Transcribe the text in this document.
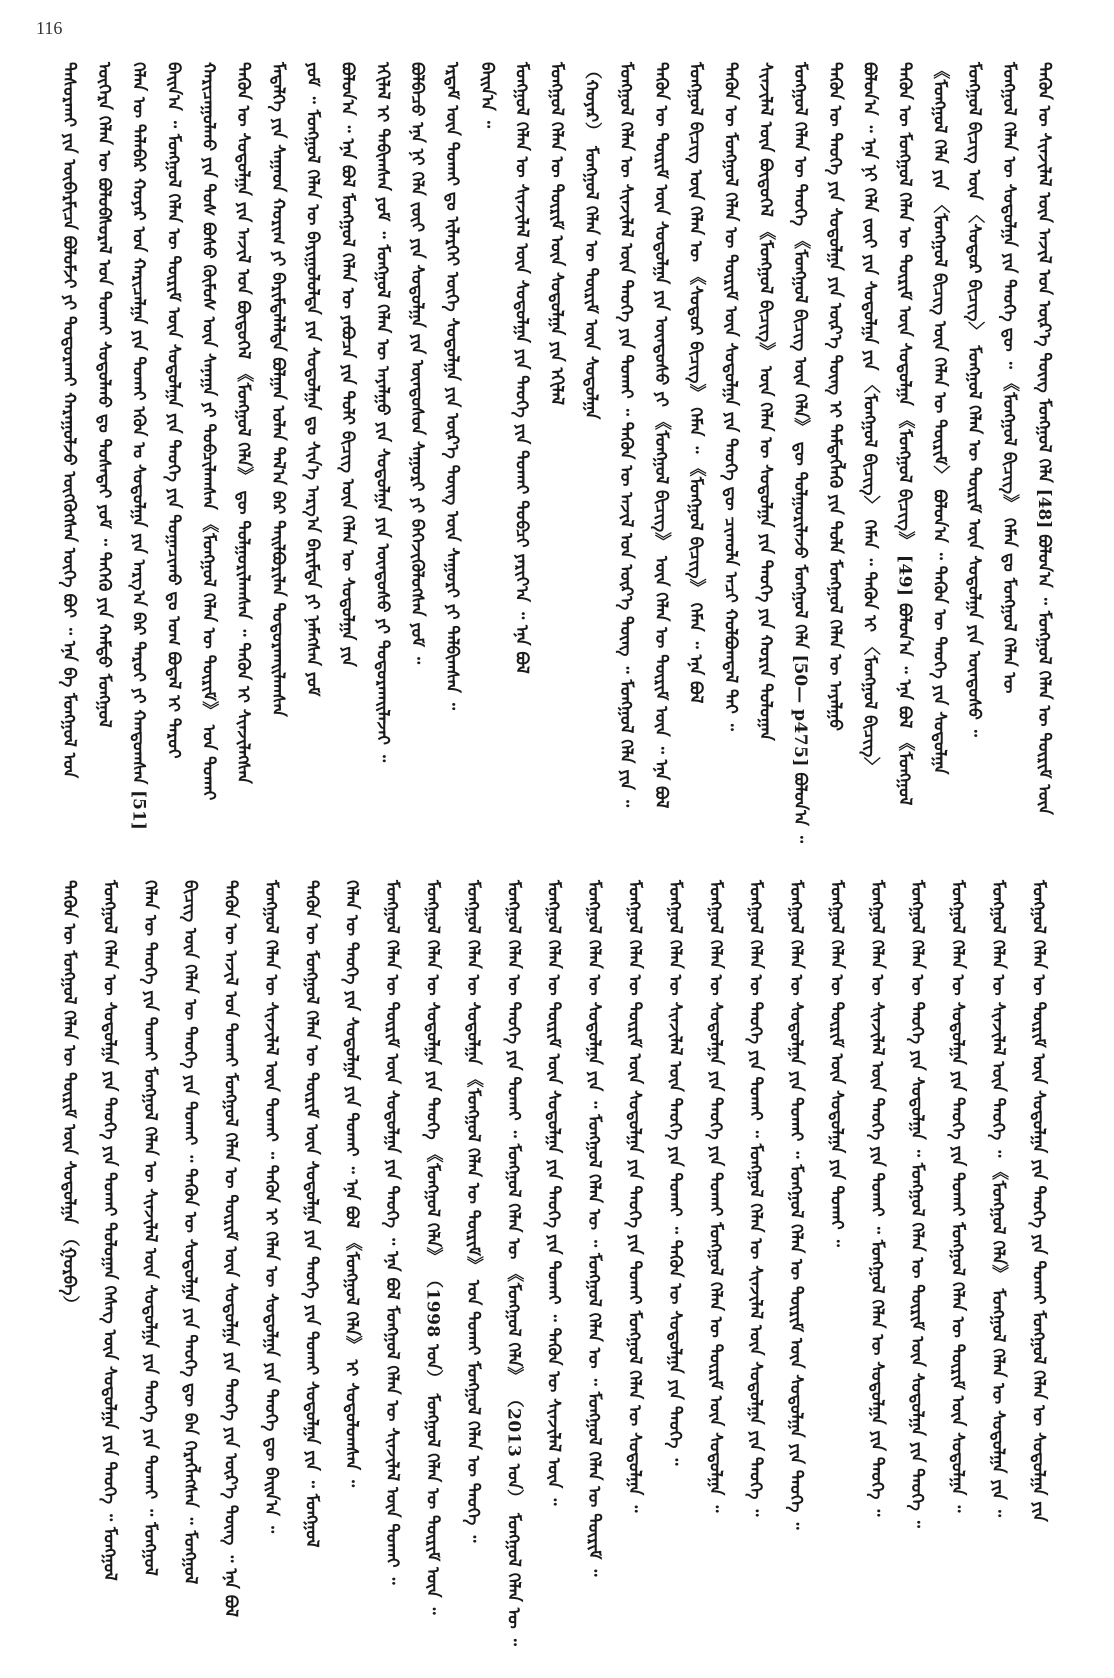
116
ᠲᠠᠰᠤᠷᠬᠠᠢ ᠶᠢᠨ ᠥᠪᠡᠷᠮᠢᠴᠡ ᠪᠣᠯᠤᠮᠵᠢ ᠶᠢ ᠲᠣᠳᠤᠷᠬᠠᠢ ᠬᠠᠷᠠᠭᠤᠯᠵᠤ ᠥᠭᠭᠦᠭᠰᠡᠨ ᠦᠭᠡ ᠪᠤᠢ ᠃ ᠡᠨᠡ ᠪᠡ ᠮᠣᠩᠭᠣᠯ ᠤᠨ ᠦᠭᠡᠷᠡ ᠬᠡᠯᠡᠨ ᠦ ᠪᠣᠯᠣᠪᠰᠤᠷᠠᠯ ᠤᠨ ᠲᠤᠬᠠᠢ ᠰᠤᠳᠤᠯᠬᠤ ᠳᠤ ᠲᠣᠰᠠᠲᠠᠢ ᠶᠤᠮ ᠃ ᠲᠡᠭᠡᠬᠦ ᠶᠢᠨ ᠬᠠᠮᠲᠤ ᠮᠣᠩᠭᠣᠯ ᠬᠡᠯᠡᠨ ᠦ ᠲᠠᠯᠠᠪᠠᠷ ᠬᠣᠶᠠᠷ ᠤᠨ ᠬᠠᠷᠢᠴᠠᠯᠭᠠ ᠶᠢᠨ ᠲᠤᠬᠠᠢ ᠡᠭᠦᠨ ᠤ ᠰᠤᠳᠤᠯᠭᠠ ᠶᠢᠨ ᠠᠷᠭ᠎ᠠ ᠪᠠᠷ ᠳᠠᠷᠤᠢ ᠶᠢ ᠬᠠᠨᠳᠤᠭᠰᠠᠨ [51] ᠪᠠᠢᠨ᠎ᠠ ᠃ ᠮᠣᠩᠭᠣᠯ ᠬᠡᠯᠡᠨ ᠦ ᠳᠦᠷᠢᠮ ᠦᠨ ᠰᠤᠳᠤᠯᠭᠠ ᠶᠢᠨ ᠲᠡᠦᠬᠡ ᠶᠢᠨ ᠲᠣᠭᠠᠴᠢᠬᠤ ᠳᠤ ᠤᠭ ᠪᠣᠳᠠᠯ ᠢ ᠳᠠᠷᠤᠢ ᠬᠠᠷᠢᠴᠠᠭᠤᠯᠬᠤ ᠶᠢᠨ ᠲᠤᠰ ᠪᠤᠰᠤ ᠬᠦᠮᠦᠰ ᠦᠨ ᠰᠠᠨᠠᠭᠠ ᠶᠢ ᠲᠣᠪᠴᠢᠯᠠᠭᠰᠠᠨ 《ᠮᠣᠩᠭᠣᠯ ᠬᠡᠯᠡᠨ ᠦ ᠳᠦᠷᠢᠮ》 ᠤᠨ ᠲᠤᠬᠠᠢ ᠲᠡᠭᠦᠨ ᠦ ᠰᠤᠳᠤᠯᠭᠠ ᠶᠢᠨ ᠠᠵᠢᠯ ᠤᠨ ᠪᠦᠲᠦᠭᠡᠯ 《ᠮᠣᠩᠭᠣᠯ ᠬᠡᠯᠡ》 ᠳᠦ ᠲᠤᠯᠭᠤᠷᠢᠯᠠᠭᠰᠠᠨ ᠃ ᠲᠡᠭᠦᠨ ᠢ ᠰᠢᠨᠵᠢᠯᠡᠭᠰᠡᠨ ᠮᠡᠳᠡᠯᠭᠡ ᠶᠢᠨ ᠰᠠᠭᠠᠳ ᠬᠣᠷᠢᠭ ᠶᠢ ᠪᠠᠷᠢᠮᠲᠠᠯᠠᠯᠲᠠ ᠪᠤᠯᠭᠠᠨ ᠣᠯᠠᠨ ᠲᠠᠯ᠎ᠠ ᠪᠠᠷ ᠲᠠᠢᠯᠪᠤᠷᠢᠯᠠᠨ ᠲᠣᠳᠤᠷᠬᠠᠢᠯᠠᠭᠰᠠᠨ ᠶᠤᠮ ᠃ ᠮᠣᠩᠭᠣᠯ ᠬᠡᠯᠡᠨ ᠦ ᠪᠠᠶᠢᠭᠤᠯᠤᠯᠲᠠ ᠶᠢᠨ ᠰᠤᠳᠤᠯᠭᠠ ᠳᠤ ᠰᠢᠨ᠎ᠡ ᠠᠷᠭ᠎ᠠ ᠪᠠᠷᠢᠮᠲᠠ ᠶᠢ ᠨᠡᠮᠡᠭᠰᠡᠨ ᠶᠤᠮ ᠪᠣᠯᠤᠨ᠎ᠠ ᠃ ᠡᠨᠡ ᠪᠤᠯ ᠮᠣᠩᠭᠣᠯ ᠬᠡᠯᠡᠨ ᠦ ᠶᠠᠪᠤᠴᠠ ᠶᠢᠨ ᠲᠣᠯᠢ ᠪᠢᠴᠢᠭ ᠦᠨ ᠬᠡᠯᠡᠨ ᠦ ᠰᠤᠳᠤᠯᠭᠠ ᠶᠢᠨ ᠡᠬᠢᠯᠡᠯ ᠢ ᠲᠠᠪᠢᠭᠰᠠᠨ ᠶᠤᠮ ᠃ ᠮᠣᠩᠭᠣᠯ ᠬᠡᠯᠡᠨ ᠦ ᠠᠶᠠᠯᠭᠤ ᠶᠢᠨ ᠰᠤᠳᠤᠯᠭᠠ ᠶᠢᠨ ᠦᠨᠳᠦᠰᠦ ᠶᠢ ᠲᠣᠳᠤᠷᠬᠠᠢᠯᠠᠵᠠᠢ ᠃ ᠪᠣᠯᠪᠠᠴᠤ ᠡᠨᠡ ᠨᠢ ᠬᠡᠯᠡ ᠵᠦᠢ ᠶᠢᠨ ᠰᠤᠳᠤᠯᠭᠠ ᠶᠢᠨ ᠦᠨᠳᠦᠰᠦᠨ ᠰᠠᠭᠤᠷᠢ ᠶᠢ ᠪᠡᠬᠡᠵᠢᠭᠦᠯᠦᠭᠰᠡᠨ ᠶᠤᠮ ᠃ ᠡᠷᠳᠡᠮ ᠦᠨ ᠲᠤᠬᠠᠢ ᠳᠤ ᠢᠯᠡᠷᠬᠡᠢ ᠦᠭᠡ ᠰᠤᠳᠤᠯᠭᠠ ᠶᠢᠨ ᠦᠷ᠎ᠡ ᠳᠦᠩ ᠦᠨ ᠰᠠᠭᠤᠷᠢ ᠶᠢ ᠲᠠᠯᠪᠢᠭᠰᠠᠨ ᠃ ᠪᠠᠢᠨ᠎ᠠ ᠃ ᠮᠣᠩᠭᠣᠯ ᠬᠡᠯᠡᠨ ᠦ ᠰᠢᠨᠵᠢᠯᠡᠯ ᠦᠨ ᠰᠤᠳᠤᠯᠭᠠ ᠶᠢᠨ ᠲᠡᠦᠬᠡ ᠶᠢᠨ ᠲᠤᠬᠠᠢ ᠲᠣᠪᠴᠢ ᠶᠠᠷᠢᠶ᠎ᠠ ᠃ ᠡᠨᠡ ᠪᠤᠯ ᠮᠣᠩᠭᠣᠯ ᠬᠡᠯᠡᠨ ᠦ ᠳᠦᠷᠢᠮ ᠦᠨ ᠰᠤᠳᠤᠯᠭᠠ ᠶᠢᠨ ᠡᠬᠢᠯᠡᠯ （ᠬᠣᠶᠠᠷ） ᠮᠣᠩᠭᠣᠯ ᠬᠡᠯᠡᠨ ᠦ ᠳᠦᠷᠢᠮ ᠦᠨ ᠰᠤᠳᠤᠯᠭᠠ ᠮᠣᠩᠭᠣᠯ ᠬᠡᠯᠡᠨ ᠦ ᠰᠢᠨᠵᠢᠯᠡᠯ ᠦᠨ ᠲᠡᠦᠬᠡ ᠶᠢᠨ ᠲᠤᠬᠠᠢ ᠃ ᠲᠡᠭᠦᠨ ᠦ ᠠᠵᠢᠯ ᠤᠨ ᠦᠷ᠎ᠡ ᠳᠦᠩ ᠃ ᠮᠣᠩᠭᠣᠯ ᠬᠡᠯᠡ ᠶᠢᠨ ᠃ ᠲᠡᠭᠦᠨ ᠦ ᠳᠦᠷᠢᠮ ᠦᠨ ᠰᠤᠳᠤᠯᠭᠠ ᠶᠢᠨ ᠦᠨᠳᠦᠰᠦ ᠶᠢ 《ᠮᠣᠩᠭᠣᠯ ᠪᠢᠴᠢᠭ》 ᠦᠨ ᠬᠡᠯᠡᠨ ᠦ ᠳᠦᠷᠢᠮ ᠦᠨ ᠃ ᠡᠨᠡ ᠪᠤᠯ ᠮᠣᠩᠭᠣᠯ ᠪᠢᠴᠢᠭ ᠦᠨ ᠬᠡᠯᠡᠨ ᠦ 《ᠰᠤᠳᠤᠷ ᠪᠢᠴᠢᠭ》 ᠬᠡᠮᠡᠨ ᠃ 《ᠮᠣᠩᠭᠣᠯ ᠪᠢᠴᠢᠭ》 ᠬᠡᠮᠡᠨ ᠃ ᠡᠨᠡ ᠪᠤᠯ ᠲᠡᠭᠦᠨ ᠦ ᠮᠣᠩᠭᠣᠯ ᠬᠡᠯᠡᠨ ᠦ ᠳᠦᠷᠢᠮ ᠦᠨ ᠰᠤᠳᠤᠯᠭᠠ ᠶᠢᠨ ᠲᠡᠦᠬᠡ ᠳᠦ ᠴᠢᠬᠤᠯᠠ ᠠᠴᠢ ᠬᠤᠯᠪᠣᠭᠳᠠᠯ ᠲᠠᠢ ᠃ ᠰᠢᠨᠵᠢᠯᠡᠯ ᠦᠨ ᠪᠦᠲᠦᠭᠡᠯ 《ᠮᠣᠩᠭᠣᠯ ᠪᠢᠴᠢᠭ》 ᠦᠨ ᠬᠡᠯᠡᠨ ᠦ ᠰᠤᠳᠤᠯᠭᠠ ᠶᠢᠨ ᠲᠡᠦᠬᠡ ᠶᠢᠨ ᠬᠣᠷᠢᠨ ᠳᠣᠯᠤᠭᠠᠨ ᠮᠣᠩᠭᠣᠯ ᠬᠡᠯᠡᠨ ᠦ ᠲᠡᠦᠬᠡ 《ᠮᠣᠩᠭᠣᠯ ᠪᠢᠴᠢᠭ ᠦᠨ ᠬᠡᠯᠡ》 ᠳᠦ ᠲᠤᠯᠭᠤᠷᠢᠯᠠᠵᠤ ᠮᠣᠩᠭᠣᠯ ᠬᠡᠯᠡ [50— p475] ᠪᠣᠯᠤᠨ᠎ᠠ ᠃ ᠲᠡᠭᠦᠨ ᠦ ᠲᠡᠦᠬᠡ ᠶᠢᠨ ᠰᠤᠳᠤᠯᠭᠠ ᠶᠢᠨ ᠦᠷ᠎ᠡ ᠳᠦᠩ ᠢ ᠲᠡᠮᠳᠡᠭᠯᠡᠬᠦ ᠶᠢᠨ ᠲᠤᠯᠠ ᠮᠣᠩᠭᠣᠯ ᠬᠡᠯᠡᠨ ᠦ ᠠᠶᠠᠯᠭᠤ ᠪᠣᠯᠤᠨ᠎ᠠ ᠃ ᠡᠨᠡ ᠨᠢ ᠬᠡᠯᠡ ᠵᠦᠢ ᠶᠢᠨ ᠰᠤᠳᠤᠯᠭᠠ ᠶᠢᠨ 〈ᠮᠣᠩᠭᠣᠯ ᠪᠢᠴᠢᠭ〉 ᠬᠡᠮᠡᠨ ᠃ ᠲᠡᠭᠦᠨ ᠢ 〈ᠮᠣᠩᠭᠣᠯ ᠪᠢᠴᠢᠭ〉 ᠲᠡᠭᠦᠨ ᠦ ᠮᠣᠩᠭᠣᠯ ᠬᠡᠯᠡᠨ ᠦ ᠳᠦᠷᠢᠮ ᠦᠨ ᠰᠤᠳᠤᠯᠭᠠ 《ᠮᠣᠩᠭᠣᠯ ᠪᠢᠴᠢᠭ》 [49] ᠪᠣᠯᠤᠨ᠎ᠠ ᠃ ᠡᠨᠡ ᠪᠤᠯ 《ᠮᠣᠩᠭᠣᠯ 《ᠮᠣᠩᠭᠣᠯ ᠬᠡᠯᠡ ᠶᠢᠨ 〈ᠮᠣᠩᠭᠣᠯ ᠪᠢᠴᠢᠭ ᠦᠨ ᠬᠡᠯᠡᠨ ᠦ ᠳᠦᠷᠢᠮ〉 ᠪᠣᠯᠤᠨ᠎ᠠ ᠃ ᠲᠡᠭᠦᠨ ᠦ ᠲᠡᠦᠬᠡ ᠶᠢᠨ ᠰᠤᠳᠤᠯᠭᠠ ᠮᠣᠩᠭᠣᠯ ᠪᠢᠴᠢᠭ ᠦᠨ 〈ᠰᠤᠳᠤᠷ ᠪᠢᠴᠢᠭ〉 ᠮᠣᠩᠭᠣᠯ ᠬᠡᠯᠡᠨ ᠦ ᠳᠦᠷᠢᠮ ᠦᠨ ᠰᠤᠳᠤᠯᠭᠠ ᠶᠢᠨ ᠦᠨᠳᠦᠰᠦ ᠃ ᠮᠣᠩᠭᠣᠯ ᠬᠡᠯᠡᠨ ᠦ ᠰᠤᠳᠤᠯᠭᠠ ᠶᠢᠨ ᠲᠡᠦᠬᠡ ᠳᠦ ᠃ 《ᠮᠣᠩᠭᠣᠯ ᠪᠢᠴᠢᠭ》 ᠬᠡᠮᠡᠨ ᠳᠤ ᠮᠣᠩᠭᠣᠯ ᠬᠡᠯᠡᠨ ᠦ ᠲᠡᠭᠦᠨ ᠦ ᠰᠢᠨᠵᠢᠯᠡᠯ ᠦᠨ ᠠᠵᠢᠯ ᠤᠨ ᠦᠷ᠎ᠡ ᠳᠦᠩ ᠮᠣᠩᠭᠣᠯ ᠬᠡᠯᠡ [48] ᠪᠣᠯᠤᠨ᠎ᠠ ᠃ ᠮᠣᠩᠭᠣᠯ ᠬᠡᠯᠡᠨ ᠦ ᠳᠦᠷᠢᠮ ᠦᠨ
ᠲᠡᠭᠦᠨ ᠦ ᠮᠣᠩᠭᠣᠯ ᠬᠡᠯᠡᠨ ᠦ ᠳᠦᠷᠢᠮ ᠦᠨ ᠰᠤᠳᠤᠯᠭᠠ （ᠭᠤᠷᠪᠠ） ᠮᠣᠩᠭᠣᠯ ᠬᠡᠯᠡᠨ ᠦ ᠰᠤᠳᠤᠯᠭᠠ ᠶᠢᠨ ᠲᠡᠦᠬᠡ ᠶᠢᠨ ᠲᠤᠬᠠᠢ ᠳᠣᠯᠤᠭᠠᠨ ᠬᠡᠰᠡᠭ ᠦᠨ ᠰᠤᠳᠤᠯᠭᠠ ᠶᠢᠨ ᠲᠡᠦᠬᠡ ᠃ ᠮᠣᠩᠭᠣᠯ ᠬᠡᠯᠡᠨ ᠦ ᠲᠡᠦᠬᠡ ᠶᠢᠨ ᠲᠤᠬᠠᠢ ᠮᠣᠩᠭᠣᠯ ᠬᠡᠯᠡᠨ ᠦ ᠰᠢᠨᠵᠢᠯᠡᠯ ᠦᠨ ᠰᠤᠳᠤᠯᠭᠠ ᠶᠢᠨ ᠲᠡᠦᠬᠡ ᠶᠢᠨ ᠲᠤᠬᠠᠢ ᠃ ᠮᠣᠩᠭᠣᠯ ᠪᠢᠴᠢᠭ ᠦᠨ ᠬᠡᠯᠡᠨ ᠦ ᠲᠡᠦᠬᠡ ᠶᠢᠨ ᠲᠤᠬᠠᠢ ᠃ ᠲᠡᠭᠦᠨ ᠦ ᠰᠤᠳᠤᠯᠭᠠ ᠶᠢᠨ ᠲᠡᠦᠬᠡ ᠳᠦ ᠪᠡᠨ ᠬᠡᠷᠡᠭᠯᠡᠭᠰᠡᠨ ᠃ ᠮᠣᠩᠭᠣᠯ ᠲᠡᠭᠦᠨ ᠦ ᠠᠵᠢᠯ ᠤᠨ ᠲᠤᠬᠠᠢ ᠮᠣᠩᠭᠣᠯ ᠬᠡᠯᠡᠨ ᠦ ᠳᠦᠷᠢᠮ ᠦᠨ ᠰᠤᠳᠤᠯᠭᠠ ᠶᠢᠨ ᠲᠡᠦᠬᠡ ᠶᠢᠨ ᠦᠷ᠎ᠡ ᠳᠦᠩ ᠃ ᠡᠨᠡ ᠪᠤᠯ ᠮᠣᠩᠭᠣᠯ ᠬᠡᠯᠡᠨ ᠦ ᠰᠢᠨᠵᠢᠯᠡᠯ ᠦᠨ ᠲᠤᠬᠠᠢ ᠃ ᠲᠡᠭᠦᠨ ᠢ ᠬᠡᠯᠡᠨ ᠦ ᠰᠤᠳᠤᠯᠭᠠ ᠶᠢᠨ ᠲᠡᠦᠬᠡ ᠳᠦ ᠪᠠᠢᠨ᠎ᠠ ᠃ ᠲᠡᠭᠦᠨ ᠦ ᠮᠣᠩᠭᠣᠯ ᠬᠡᠯᠡᠨ ᠦ ᠳᠦᠷᠢᠮ ᠦᠨ ᠰᠤᠳᠤᠯᠭᠠ ᠶᠢᠨ ᠲᠡᠦᠬᠡ ᠶᠢᠨ ᠲᠤᠬᠠᠢ ᠰᠤᠳᠤᠯᠭᠠ ᠶᠢᠨ ᠃ ᠮᠣᠩᠭᠣᠯ ᠬᠡᠯᠡᠨ ᠦ ᠲᠡᠦᠬᠡ ᠶᠢᠨ ᠰᠤᠳᠤᠯᠭᠠ ᠶᠢᠨ ᠲᠤᠬᠠᠢ ᠃ ᠡᠨᠡ ᠪᠤᠯ 《ᠮᠣᠩᠭᠣᠯ ᠬᠡᠯᠡ》 ᠢ ᠰᠤᠳᠤᠯᠤᠭᠰᠠᠨ ᠃ ᠮᠣᠩᠭᠣᠯ ᠬᠡᠯᠡᠨ ᠦ ᠳᠦᠷᠢᠮ ᠦᠨ ᠰᠤᠳᠤᠯᠭᠠ ᠶᠢᠨ ᠲᠡᠦᠬᠡ ᠃ ᠡᠨᠡ ᠪᠤᠯ ᠮᠣᠩᠭᠣᠯ ᠬᠡᠯᠡᠨ ᠦ ᠰᠢᠨᠵᠢᠯᠡᠯ ᠦᠨ ᠲᠤᠬᠠᠢ ᠃ ᠮᠣᠩᠭᠣᠯ ᠬᠡᠯᠡᠨ ᠦ ᠰᠤᠳᠤᠯᠭᠠ ᠶᠢᠨ ᠲᠡᠦᠬᠡ 《ᠮᠣᠩᠭᠣᠯ ᠬᠡᠯᠡ》 （1998 ᠣᠨ） ᠮᠣᠩᠭᠣᠯ ᠬᠡᠯᠡᠨ ᠦ ᠳᠦᠷᠢᠮ ᠦᠨ ᠃ ᠮᠣᠩᠭᠣᠯ ᠬᠡᠯᠡᠨ ᠦ ᠰᠤᠳᠤᠯᠭᠠ 《ᠮᠣᠩᠭᠣᠯ ᠬᠡᠯᠡᠨ ᠦ ᠳᠦᠷᠢᠮ》 ᠤᠨ ᠲᠤᠬᠠᠢ ᠮᠣᠩᠭᠣᠯ ᠬᠡᠯᠡᠨ ᠦ ᠲᠡᠦᠬᠡ ᠃ ᠮᠣᠩᠭᠣᠯ ᠬᠡᠯᠡᠨ ᠦ ᠲᠡᠦᠬᠡ ᠶᠢᠨ ᠲᠤᠬᠠᠢ ᠃ ᠮᠣᠩᠭᠣᠯ ᠬᠡᠯᠡᠨ ᠦ 《ᠮᠣᠩᠭᠣᠯ ᠬᠡᠯᠡ》 （2013 ᠣᠨ） ᠮᠣᠩᠭᠣᠯ ᠬᠡᠯᠡᠨ ᠦ ᠃ ᠮᠣᠩᠭᠣᠯ ᠬᠡᠯᠡᠨ ᠦ ᠳᠦᠷᠢᠮ ᠦᠨ ᠰᠤᠳᠤᠯᠭᠠ ᠶᠢᠨ ᠲᠡᠦᠬᠡ ᠶᠢᠨ ᠲᠤᠬᠠᠢ ᠃ ᠲᠡᠭᠦᠨ ᠦ ᠰᠢᠨᠵᠢᠯᠡᠯ ᠦᠨ ᠃ ᠮᠣᠩᠭᠣᠯ ᠬᠡᠯᠡᠨ ᠦ ᠰᠤᠳᠤᠯᠭᠠ ᠶᠢᠨ ᠃ ᠮᠣᠩᠭᠣᠯ ᠬᠡᠯᠡᠨ ᠦ ᠃ ᠮᠣᠩᠭᠣᠯ ᠬᠡᠯᠡᠨ ᠦ ᠃ ᠮᠣᠩᠭᠣᠯ ᠬᠡᠯᠡᠨ ᠦ ᠳᠦᠷᠢᠮ ᠃ ᠮᠣᠩᠭᠣᠯ ᠬᠡᠯᠡᠨ ᠦ ᠳᠦᠷᠢᠮ ᠦᠨ ᠰᠤᠳᠤᠯᠭᠠ ᠶᠢᠨ ᠲᠡᠦᠬᠡ ᠶᠢᠨ ᠲᠤᠬᠠᠢ ᠮᠣᠩᠭᠣᠯ ᠬᠡᠯᠡᠨ ᠦ ᠰᠤᠳᠤᠯᠭᠠ ᠃ ᠮᠣᠩᠭᠣᠯ ᠬᠡᠯᠡᠨ ᠦ ᠰᠢᠨᠵᠢᠯᠡᠯ ᠦᠨ ᠲᠡᠦᠬᠡ ᠶᠢᠨ ᠲᠤᠬᠠᠢ ᠃ ᠲᠡᠭᠦᠨ ᠦ ᠰᠤᠳᠤᠯᠭᠠ ᠶᠢᠨ ᠲᠡᠦᠬᠡ ᠃ ᠮᠣᠩᠭᠣᠯ ᠬᠡᠯᠡᠨ ᠦ ᠰᠤᠳᠤᠯᠭᠠ ᠶᠢᠨ ᠲᠡᠦᠬᠡ ᠶᠢᠨ ᠲᠤᠬᠠᠢ ᠮᠣᠩᠭᠣᠯ ᠬᠡᠯᠡᠨ ᠦ ᠳᠦᠷᠢᠮ ᠦᠨ ᠰᠤᠳᠤᠯᠭᠠ ᠃ ᠮᠣᠩᠭᠣᠯ ᠬᠡᠯᠡᠨ ᠦ ᠲᠡᠦᠬᠡ ᠶᠢᠨ ᠲᠤᠬᠠᠢ ᠃ ᠮᠣᠩᠭᠣᠯ ᠬᠡᠯᠡᠨ ᠦ ᠰᠢᠨᠵᠢᠯᠡᠯ ᠦᠨ ᠰᠤᠳᠤᠯᠭᠠ ᠶᠢᠨ ᠲᠡᠦᠬᠡ ᠃ ᠮᠣᠩᠭᠣᠯ ᠬᠡᠯᠡᠨ ᠦ ᠰᠤᠳᠤᠯᠭᠠ ᠶᠢᠨ ᠲᠤᠬᠠᠢ ᠃ ᠮᠣᠩᠭᠣᠯ ᠬᠡᠯᠡᠨ ᠦ ᠳᠦᠷᠢᠮ ᠦᠨ ᠰᠤᠳᠤᠯᠭᠠ ᠶᠢᠨ ᠲᠡᠦᠬᠡ ᠃ ᠮᠣᠩᠭᠣᠯ ᠬᠡᠯᠡᠨ ᠦ ᠳᠦᠷᠢᠮ ᠦᠨ ᠰᠤᠳᠤᠯᠭᠠ ᠶᠢᠨ ᠲᠤᠬᠠᠢ ᠃ ᠮᠣᠩᠭᠣᠯ ᠬᠡᠯᠡᠨ ᠦ ᠰᠢᠨᠵᠢᠯᠡᠯ ᠦᠨ ᠲᠡᠦᠬᠡ ᠶᠢᠨ ᠲᠤᠬᠠᠢ ᠃ ᠮᠣᠩᠭᠣᠯ ᠬᠡᠯᠡᠨ ᠦ ᠰᠤᠳᠤᠯᠭᠠ ᠶᠢᠨ ᠲᠡᠦᠬᠡ ᠃ ᠮᠣᠩᠭᠣᠯ ᠬᠡᠯᠡᠨ ᠦ ᠲᠡᠦᠬᠡ ᠶᠢᠨ ᠰᠤᠳᠤᠯᠭᠠ ᠃ ᠮᠣᠩᠭᠣᠯ ᠬᠡᠯᠡᠨ ᠦ ᠳᠦᠷᠢᠮ ᠦᠨ ᠰᠤᠳᠤᠯᠭᠠ ᠶᠢᠨ ᠲᠡᠦᠬᠡ ᠃ ᠮᠣᠩᠭᠣᠯ ᠬᠡᠯᠡᠨ ᠦ ᠰᠤᠳᠤᠯᠭᠠ ᠶᠢᠨ ᠲᠡᠦᠬᠡ ᠶᠢᠨ ᠲᠤᠬᠠᠢ ᠮᠣᠩᠭᠣᠯ ᠬᠡᠯᠡᠨ ᠦ ᠳᠦᠷᠢᠮ ᠦᠨ ᠰᠤᠳᠤᠯᠭᠠ ᠃ ᠮᠣᠩᠭᠣᠯ ᠬᠡᠯᠡᠨ ᠦ ᠰᠢᠨᠵᠢᠯᠡᠯ ᠦᠨ ᠲᠡᠦᠬᠡ ᠃ 《ᠮᠣᠩᠭᠣᠯ ᠬᠡᠯᠡ》 ᠮᠣᠩᠭᠣᠯ ᠬᠡᠯᠡᠨ ᠦ ᠰᠤᠳᠤᠯᠭᠠ ᠶᠢᠨ ᠃ ᠮᠣᠩᠭᠣᠯ ᠬᠡᠯᠡᠨ ᠦ ᠳᠦᠷᠢᠮ ᠦᠨ ᠰᠤᠳᠤᠯᠭᠠ ᠶᠢᠨ ᠲᠡᠦᠬᠡ ᠶᠢᠨ ᠲᠤᠬᠠᠢ ᠮᠣᠩᠭᠣᠯ ᠬᠡᠯᠡᠨ ᠦ ᠰᠤᠳᠤᠯᠭᠠ ᠶᠢᠨ
